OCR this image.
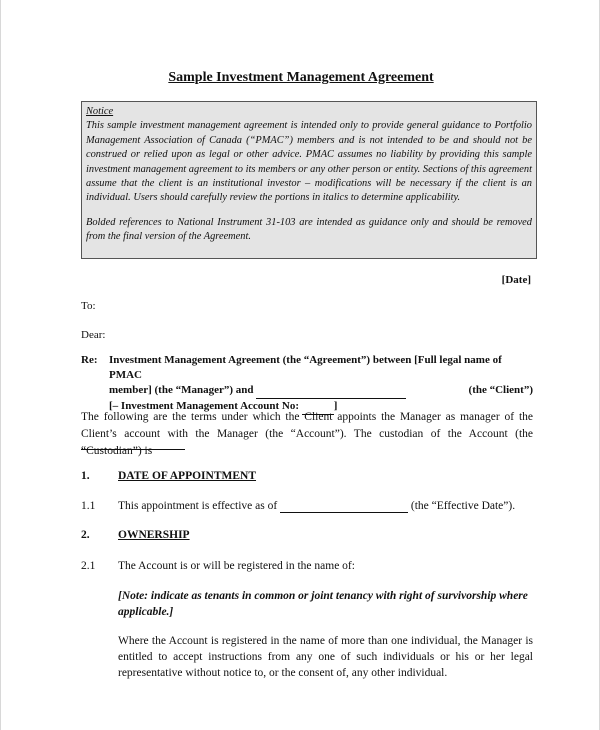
Sample Investment Management Agreement

Notice

This sample investment management agreement is intended only to provide general guidance to Portfolio Management Association of Canada (“PMAC”) members and is not intended to be and should not be construed or relied upon as legal or other advice. PMAC assumes no liability by providing this sample investment management agreement to its members or any other person or entity. Sections of this agreement assume that the client is an institutional investor – modifications will be necessary if the client is an individual. Users should carefully review the portions in italics to determine applicability.

Bolded references to National Instrument 31-103 are intended as guidance only and should be removed from the final version of the Agreement.

[Date]
To:
Dear:
Re: Investment Management Agreement (the “Agreement”) between [Full legal name of PMAC
member] (the “Manager”) and	(the “Client”)
[– Investment Management Account No:	]
The following are the terms under which the Client appoints the Manager as manager of the Client’s account with the Manager (the “Account”). The custodian of the Account (the “Custodian”) is
1. DATE OF APPOINTMENT
1.1 This appointment is effective as of	(the “Effective Date”).
2. OWNERSHIP
2.1 The Account is or will be registered in the name of:
[Note: indicate as tenants in common or joint tenancy with right of survivorship where applicable.]
Where the Account is registered in the name of more than one individual, the Manager is entitled to accept instructions from any one of such individuals or his or her legal representative without notice to, or the consent of, any other individual.
